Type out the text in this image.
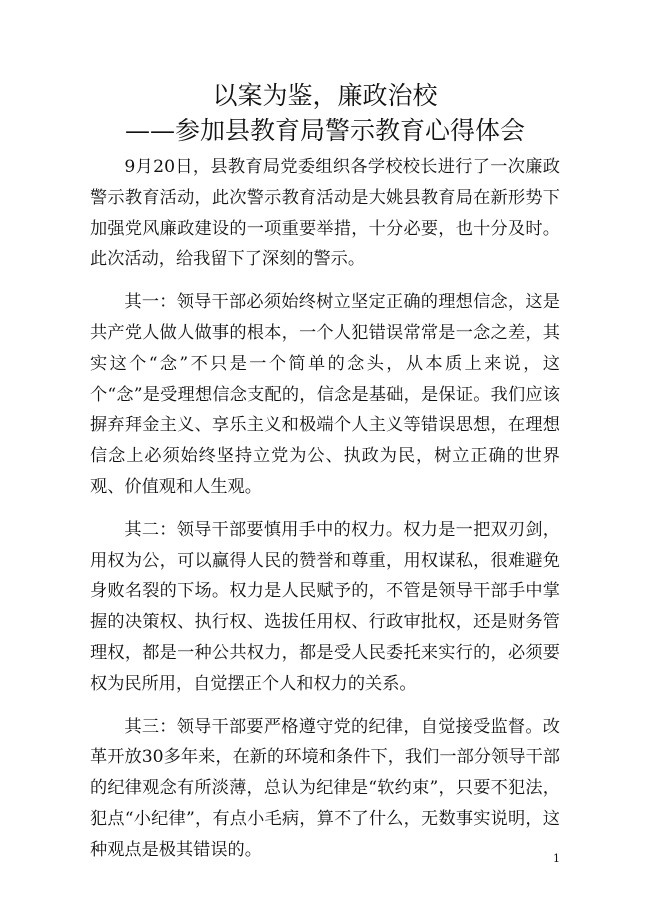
以案为鉴，廉政治校
——参加县教育局警示教育心得体会

9月20日，县教育局党委组织各学校校长进行了一次廉政警示教育活动，此次警示教育活动是大姚县教育局在新形势下加强党风廉政建设的一项重要举措，十分必要，也十分及时。此次活动，给我留下了深刻的警示。

其一：领导干部必须始终树立坚定正确的理想信念，这是共产党人做人做事的根本，一个人犯错误常常是一念之差，其实这个“念”不只是一个简单的念头，从本质上来说，这个“念”是受理想信念支配的，信念是基础，是保证。我们应该摒弃拜金主义、享乐主义和极端个人主义等错误思想，在理想信念上必须始终坚持立党为公、执政为民，树立正确的世界观、价值观和人生观。

其二：领导干部要慎用手中的权力。权力是一把双刃剑，用权为公，可以赢得人民的赞誉和尊重，用权谋私，很难避免身败名裂的下场。权力是人民赋予的，不管是领导干部手中掌握的决策权、执行权、选拔任用权、行政审批权，还是财务管理权，都是一种公共权力，都是受人民委托来实行的，必须要权为民所用，自觉摆正个人和权力的关系。

其三：领导干部要严格遵守党的纪律，自觉接受监督。改革开放30多年来，在新的环境和条件下，我们一部分领导干部的纪律观念有所淡薄，总认为纪律是“软约束”，只要不犯法，犯点“小纪律”，有点小毛病，算不了什么，无数事实说明，这种观点是极其错误的。	1
